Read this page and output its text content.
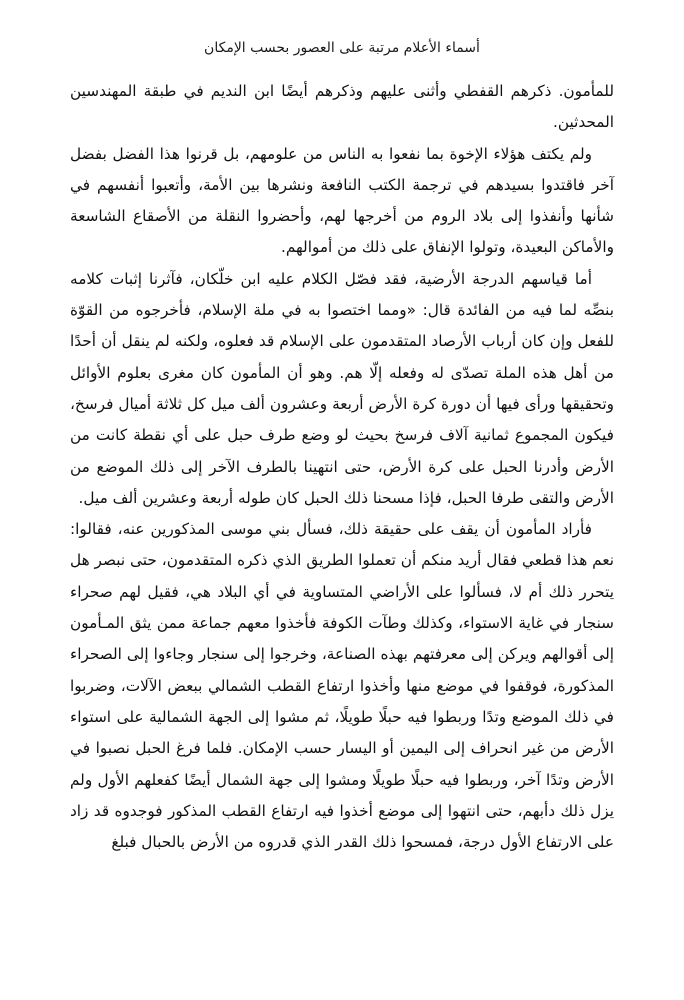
أسماء الأعلام مرتبة على العصور بحسب الإمكان

للمأمون. ذكرهم القفطي وأثنى عليهم وذكرهم أيضًا ابن النديم في طبقة المهندسين المحدثين.

ولم يكتف هؤلاء الإخوة بما نفعوا به الناس من علومهم، بل قرنوا هذا الفضل بفضل آخر فاقتدوا بسيدهم في ترجمة الكتب النافعة ونشرها بين الأمة، وأتعبوا أنفسهم في شأنها وأنفذوا إلى بلاد الروم من أخرجها لهم، وأحضروا النقلة من الأصقاع الشاسعة والأماكن البعيدة، وتولوا الإنفاق على ذلك من أموالهم.

أما قياسهم الدرجة الأرضية، فقد فصّل الكلام عليه ابن خلّكان، فآثرنا إثبات كلامه بنصِّه لما فيه من الفائدة قال: «ومما اختصوا به في ملة الإسلام، فأخرجوه من القوّة للفعل وإن كان أرباب الأرصاد المتقدمون على الإسلام قد فعلوه، ولكنه لم ينقل أن أحدًا من أهل هذه الملة تصدّى له وفعله إلّا هم. وهو أن المأمون كان مغرى بعلوم الأوائل وتحقيقها ورأى فيها أن دورة كرة الأرض أربعة وعشرون ألف ميل كل ثلاثة أميال فرسخ، فيكون المجموع ثمانية آلاف فرسخ بحيث لو وضع طرف حبل على أي نقطة كانت من الأرض وأدرنا الحبل على كرة الأرض، حتى انتهينا بالطرف الآخر إلى ذلك الموضع من الأرض والتقى طرفا الحبل، فإذا مسحنا ذلك الحبل كان طوله أربعة وعشرين ألف ميل.

فأراد المأمون أن يقف على حقيقة ذلك، فسأل بني موسى المذكورين عنه، فقالوا: نعم هذا قطعي فقال أريد منكم أن تعملوا الطريق الذي ذكره المتقدمون، حتى نبصر هل يتحرر ذلك أم لا، فسألوا على الأراضي المتساوية في أي البلاد هي، فقيل لهم صحراء سنجار في غاية الاستواء، وكذلك وطآت الكوفة فأخذوا معهم جماعة ممن يثق المـأمون إلى أقوالهم ويركن إلى معرفتهم بهذه الصناعة، وخرجوا إلى سنجار وجاءوا إلى الصحراء المذكورة، فوقفوا في موضع منها وأخذوا ارتفاع القطب الشمالي ببعض الآلات، وضربوا في ذلك الموضع وتدًا وربطوا فيه حبلًا طويلًا، ثم مشوا إلى الجهة الشمالية على استواء الأرض من غير انحراف إلى اليمين أو اليسار حسب الإمكان. فلما فرغ الحبل نصبوا في الأرض وتدًا آخر، وربطوا فيه حبلًا طويلًا ومشوا إلى جهة الشمال أيضًا كفعلهم الأول ولم يزل ذلك دأبهم، حتى انتهوا إلى موضع أخذوا فيه ارتفاع القطب المذكور فوجدوه قد زاد على الارتفاع الأول درجة، فمسحوا ذلك القدر الذي قدروه من الأرض بالحبال فبلغ
